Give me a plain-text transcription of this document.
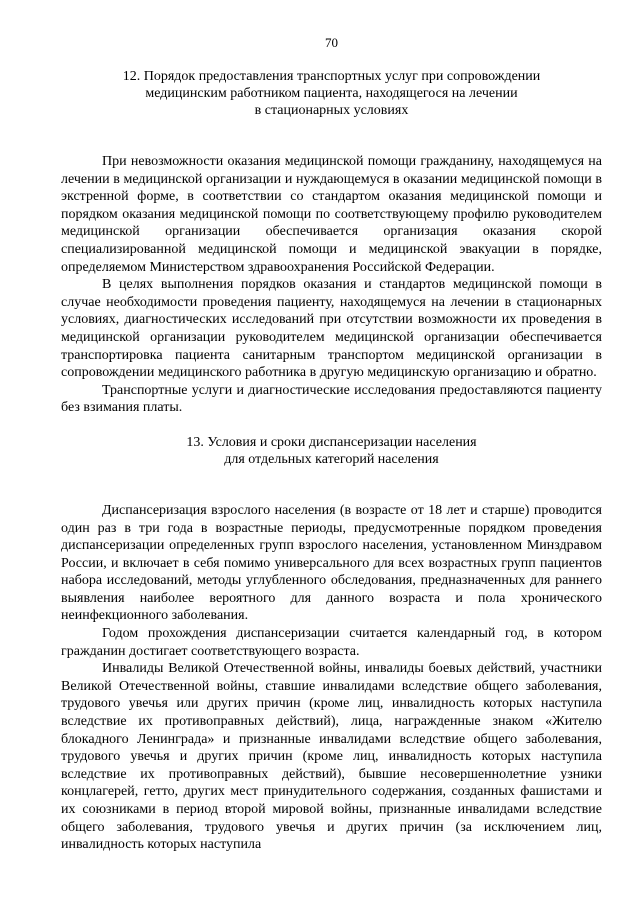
70

12. Порядок предоставления транспортных услуг при сопровождении

медицинским работником пациента, находящегося на лечении

в стационарных условиях

При невозможности оказания медицинской помощи гражданину, находящемуся на лечении в медицинской организации и нуждающемуся в оказании медицинской помощи в экстренной форме, в соответствии со стандартом оказания медицинской помощи и порядком оказания медицинской помощи по соответствующему профилю руководителем медицинской организации обеспечивается организация оказания скорой специализированной медицинской помощи и медицинской эвакуации в порядке, определяемом Министерством здравоохранения Российской Федерации.

В целях выполнения порядков оказания и стандартов медицинской помощи в случае необходимости проведения пациенту, находящемуся на лечении в стационарных условиях, диагностических исследований при отсутствии возможности их проведения в медицинской организации руководителем медицинской организации обеспечивается транспортировка пациента санитарным транспортом медицинской организации в сопровождении медицинского работника в другую медицинскую организацию и обратно.

Транспортные услуги и диагностические исследования предоставляются пациенту без взимания платы.

13. Условия и сроки диспансеризации населения

для отдельных категорий населения

Диспансеризация взрослого населения (в возрасте от 18 лет и старше) проводится один раз в три года в возрастные периоды, предусмотренные порядком проведения диспансеризации определенных групп взрослого населения, установленном Минздравом России, и включает в себя помимо универсального для всех возрастных групп пациентов набора исследований, методы углубленного обследования, предназначенных для раннего выявления наиболее вероятного для данного возраста и пола хронического неинфекционного заболевания.

Годом прохождения диспансеризации считается календарный год, в котором гражданин достигает соответствующего возраста.

Инвалиды Великой Отечественной войны, инвалиды боевых действий, участники Великой Отечественной войны, ставшие инвалидами вследствие общего заболевания, трудового увечья или других причин (кроме лиц, инвалидность которых наступила вследствие их противоправных действий), лица, награжденные знаком «Жителю блокадного Ленинграда» и признанные инвалидами вследствие общего заболевания, трудового увечья и других причин (кроме лиц, инвалидность которых наступила вследствие их противоправных действий), бывшие несовершеннолетние узники концлагерей, гетто, других мест принудительного содержания, созданных фашистами и их союзниками в период второй мировой войны, признанные инвалидами вследствие общего заболевания, трудового увечья и других причин (за исключением лиц, инвалидность которых наступила
